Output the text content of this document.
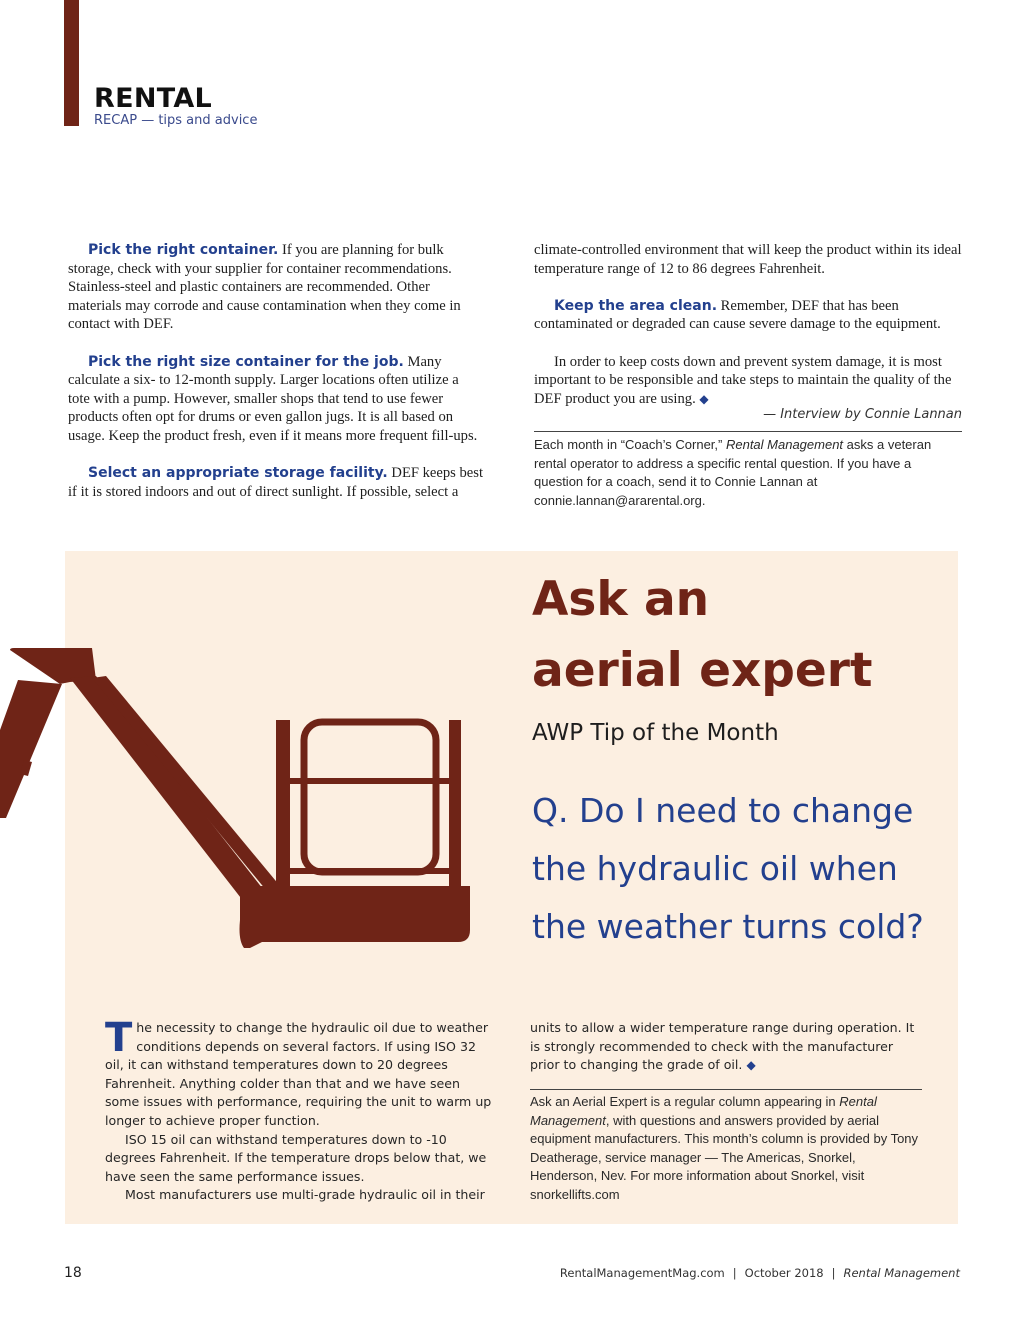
RENTAL
RECAP — tips and advice

Pick the right container. If you are planning for bulk storage, check with your supplier for container recommendations. Stainless-steel and plastic containers are recommended. Other materials may corrode and cause contamination when they come in contact with DEF.

Pick the right size container for the job. Many calculate a six- to 12-month supply. Larger locations often utilize a tote with a pump. However, smaller shops that tend to use fewer products often opt for drums or even gallon jugs. It is all based on usage. Keep the product fresh, even if it means more frequent fill-ups.

Select an appropriate storage facility. DEF keeps best if it is stored indoors and out of direct sunlight. If possible, select a

climate-controlled environment that will keep the product within its ideal temperature range of 12 to 86 degrees Fahrenheit.

Keep the area clean. Remember, DEF that has been contaminated or degraded can cause severe damage to the equipment.

In order to keep costs down and prevent system damage, it is most important to be responsible and take steps to maintain the quality of the DEF product you are using. ◆

— Interview by Connie Lannan
Each month in “Coach’s Corner,” Rental Management asks a veteran rental operator to address a specific rental question. If you have a question for a coach, send it to Connie Lannan at connie.lannan@ararental.org.
Ask an
aerial expert
AWP Tip of the Month
Q. Do I need to change the hydraulic oil when the weather turns cold?

The necessity to change the hydraulic oil due to weather conditions depends on several factors. If using ISO 32 oil, it can withstand temperatures down to 20 degrees Fahrenheit. Anything colder than that and we have seen some issues with performance, requiring the unit to warm up longer to achieve proper function.

ISO 15 oil can withstand temperatures down to -10 degrees Fahrenheit. If the temperature drops below that, we have seen the same performance issues.

Most manufacturers use multi-grade hydraulic oil in their

units to allow a wider temperature range during operation. It is strongly recommended to check with the manufacturer prior to changing the grade of oil. ◆

Ask an Aerial Expert is a regular column appearing in Rental Management, with questions and answers provided by aerial equipment manufacturers. This month’s column is provided by Tony Deatherage, service manager — The Americas, Snorkel, Henderson, Nev. For more information about Snorkel, visit snorkellifts.com
18	RentalManagementMag.com | October 2018 | Rental Management
